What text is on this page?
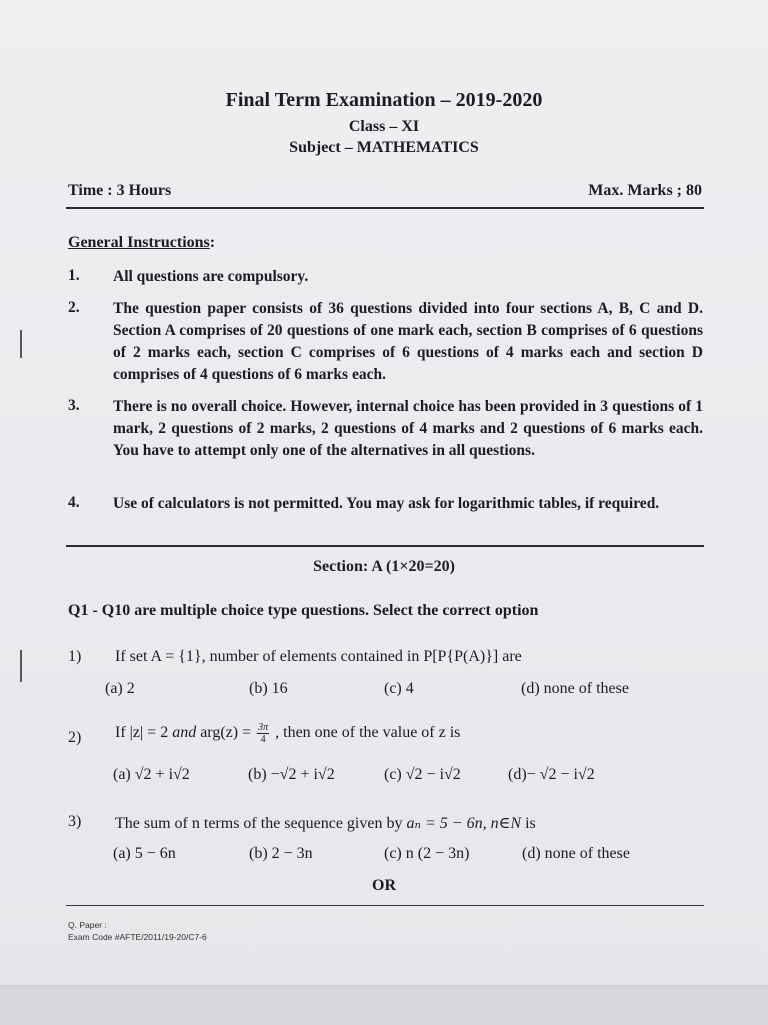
Final Term Examination – 2019-2020
Class – XI
Subject – MATHEMATICS
Time : 3 Hours	Max. Marks ; 80
General Instructions:
1. All questions are compulsory.
2. The question paper consists of 36 questions divided into four sections A, B, C and D. Section A comprises of 20 questions of one mark each, section B comprises of 6 questions of 2 marks each, section C comprises of 6 questions of 4 marks each and section D comprises of 4 questions of 6 marks each.
3. There is no overall choice. However, internal choice has been provided in 3 questions of 1 mark, 2 questions of 2 marks, 2 questions of 4 marks and 2 questions of 6 marks each. You have to attempt only one of the alternatives in all questions.
4. Use of calculators is not permitted. You may ask for logarithmic tables, if required.
Section: A (1×20=20)
Q1 - Q10 are multiple choice type questions. Select the correct option
1) If set A = {1}, number of elements contained in P[P{P(A)}] are
(a) 2	(b) 16	(c) 4	(d) none of these
2) If |z| = 2 and $arg(z) = \frac{3\pi}{4}$ , then one of the value of z is
(a) √2 + i√2	(b) −√2 + i√2	(c) √2 − i√2	(d)− √2 − i√2
3) The sum of n terms of the sequence given by aₙ = 5 − 6n, n∈N is
(a) 5 − 6n	(b) 2 − 3n	(c) n (2 − 3n)	(d) none of these
OR
Q. Paper :
Exam Code #AFTE/2011/19-20/C7-6
